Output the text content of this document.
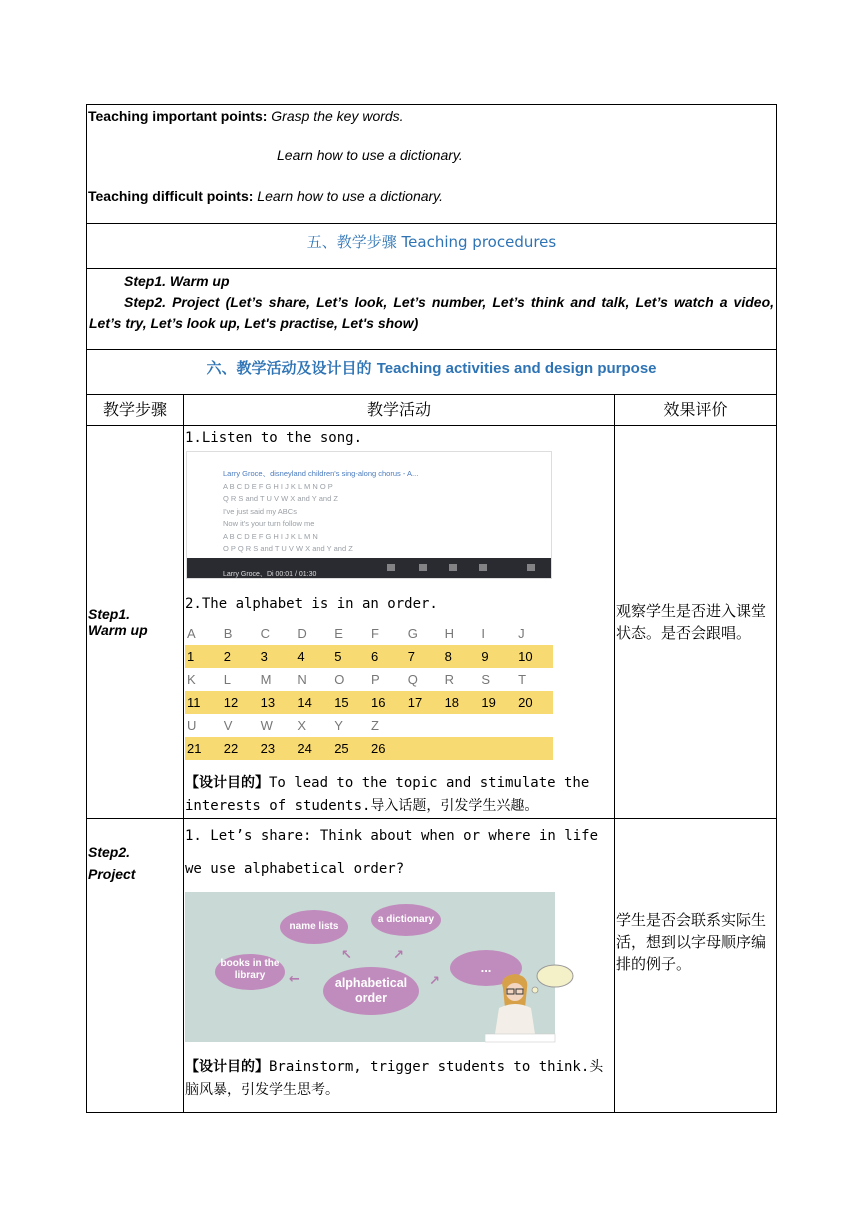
Teaching important points: Grasp the key words.
Learn how to use a dictionary.
Teaching difficult points: Learn how to use a dictionary.

五、教学步骤 Teaching procedures

Step1. Warm up
Step2. Project (Let’s share, Let’s look, Let’s number, Let’s think and talk, Let’s watch a video, Let’s try, Let’s look up, Let's practise, Let's show)

六、教学活动及设计目的 Teaching activities and design purpose
教学步骤	教学活动	效果评价

Step1.
Warm up

1.Listen to the song.
Larry Groce、disneyland children's sing-along chorus - A...
A B C D E F G H I J K L M N O P
Q R S and T U V W X and Y and Z
I've just said my ABCs
Now it's your turn follow me
A B C D E F G H I J K L M N
O P Q R S and T U V W X and Y and Z
Larry Groce、Di 00:01 / 01:30
2.The alphabet is in an order.
A	B	C	D	E	F	G	H	I	J
1	2	3	4	5	6	7	8	9	10
K	L	M	N	O	P	Q	R	S	T
11	12	13	14	15	16	17	18	19	20
U	V	W	X	Y	Z				
21	22	23	24	25	26				
【设计目的】To lead to the topic and stimulate the interests of students.导入话题，引发学生兴趣。

观察学生是否进入课堂状态。是否会跟唱。

Step2.
Project

1. Let’s share: Think about when or where in life we use alphabetical order?
name lists
a dictionary
books in the library
alphabetical order
...
↖	↗
←	↗
【设计目的】Brainstorm, trigger students to think.头脑风暴，引发学生思考。

学生是否会联系实际生活，想到以字母顺序编排的例子。
